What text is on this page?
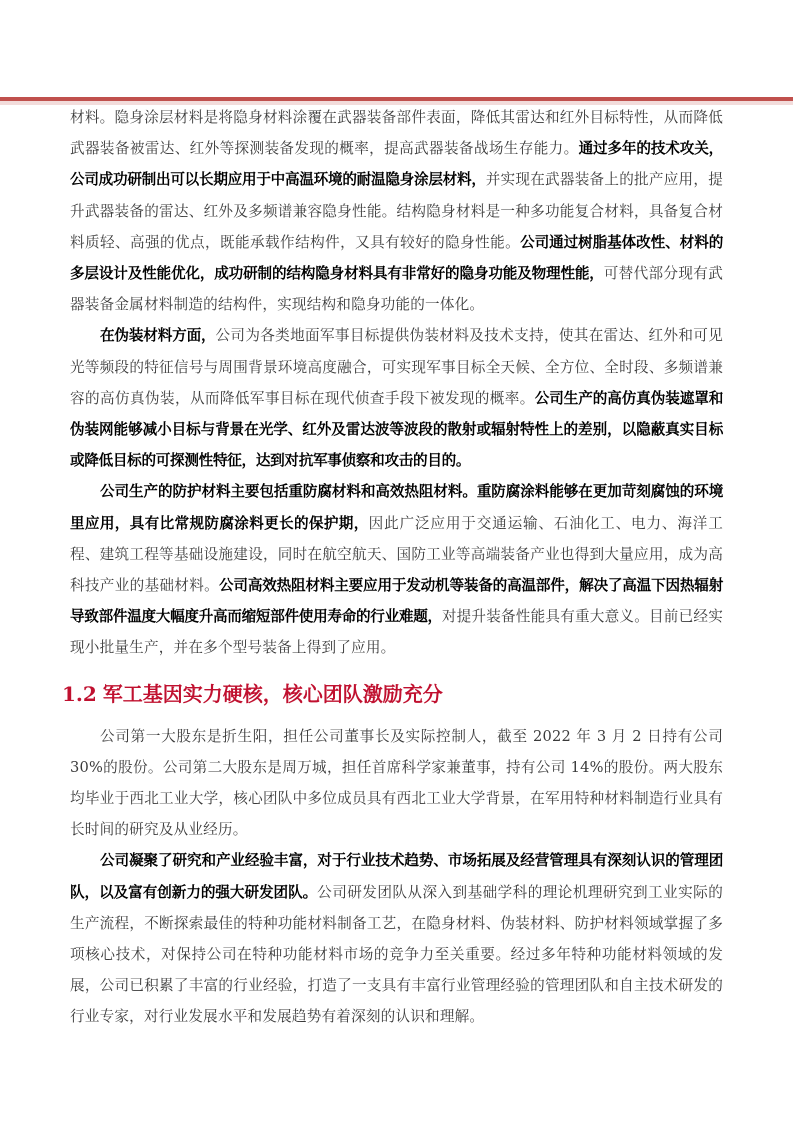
材料。隐身涂层材料是将隐身材料涂覆在武器装备部件表面，降低其雷达和红外目标特性，从而降低武器装备被雷达、红外等探测装备发现的概率，提高武器装备战场生存能力。通过多年的技术攻关，公司成功研制出可以长期应用于中高温环境的耐温隐身涂层材料，并实现在武器装备上的批产应用，提升武器装备的雷达、红外及多频谱兼容隐身性能。结构隐身材料是一种多功能复合材料，具备复合材料质轻、高强的优点，既能承载作结构件，又具有较好的隐身性能。公司通过树脂基体改性、材料的多层设计及性能优化，成功研制的结构隐身材料具有非常好的隐身功能及物理性能，可替代部分现有武器装备金属材料制造的结构件，实现结构和隐身功能的一体化。

在伪装材料方面，公司为各类地面军事目标提供伪装材料及技术支持，使其在雷达、红外和可见光等频段的特征信号与周围背景环境高度融合，可实现军事目标全天候、全方位、全时段、多频谱兼容的高仿真伪装，从而降低军事目标在现代侦查手段下被发现的概率。公司生产的高仿真伪装遮罩和伪装网能够减小目标与背景在光学、红外及雷达波等波段的散射或辐射特性上的差别，以隐蔽真实目标或降低目标的可探测性特征，达到对抗军事侦察和攻击的目的。

公司生产的防护材料主要包括重防腐材料和高效热阻材料。重防腐涂料能够在更加苛刻腐蚀的环境里应用，具有比常规防腐涂料更长的保护期，因此广泛应用于交通运输、石油化工、电力、海洋工程、建筑工程等基础设施建设，同时在航空航天、国防工业等高端装备产业也得到大量应用，成为高科技产业的基础材料。公司高效热阻材料主要应用于发动机等装备的高温部件，解决了高温下因热辐射导致部件温度大幅度升高而缩短部件使用寿命的行业难题，对提升装备性能具有重大意义。目前已经实现小批量生产，并在多个型号装备上得到了应用。

1.2 军工基因实力硬核，核心团队激励充分

公司第一大股东是折生阳，担任公司董事长及实际控制人，截至 2022 年 3 月 2 日持有公司 30%的股份。公司第二大股东是周万城，担任首席科学家兼董事，持有公司 14%的股份。两大股东均毕业于西北工业大学，核心团队中多位成员具有西北工业大学背景，在军用特种材料制造行业具有长时间的研究及从业经历。

公司凝聚了研究和产业经验丰富，对于行业技术趋势、市场拓展及经营管理具有深刻认识的管理团队，以及富有创新力的强大研发团队。公司研发团队从深入到基础学科的理论机理研究到工业实际的生产流程，不断探索最佳的特种功能材料制备工艺，在隐身材料、伪装材料、防护材料领域掌握了多项核心技术，对保持公司在特种功能材料市场的竞争力至关重要。经过多年特种功能材料领域的发展，公司已积累了丰富的行业经验，打造了一支具有丰富行业管理经验的管理团队和自主技术研发的行业专家，对行业发展水平和发展趋势有着深刻的认识和理解。
